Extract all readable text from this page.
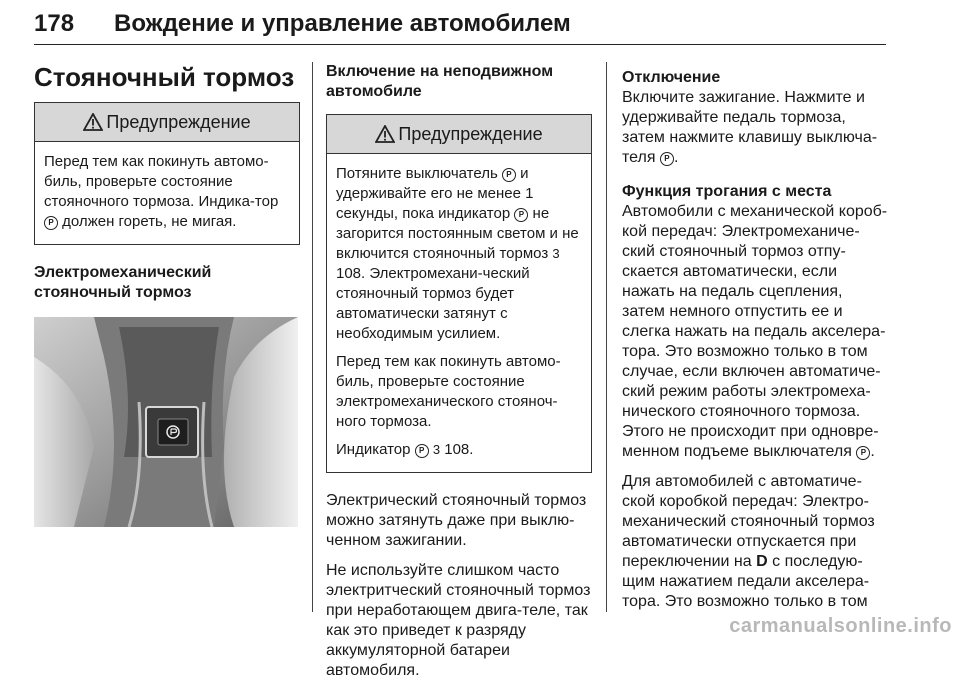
178 Вождение и управление автомобилем
Стояночный тормоз
Предупреждение

Перед тем как покинуть автомо-биль, проверьте состояние стояночного тормоза. Индика-тор P должен гореть, не мигая.

Электромеханический стояночный тормоз
Включение на неподвижном автомобиле
Предупреждение

Потяните выключатель P и удерживайте его не менее 1 секунды, пока индикатор P не загорится постоянным светом и не включится стояночный тормоз 3 108. Электромехани-ческий стояночный тормоз будет автоматически затянут с необходимым усилием.

Перед тем как покинуть автомо-биль, проверьте состояние электромеханического стояноч-ного тормоза.

Индикатор P 3 108.

Электрический стояночный тормоз можно затянуть даже при выклю-ченном зажигании.

Не используйте слишком часто электритческий стояночный тормоз при неработающем двига-теле, так как это приведет к разряду аккумуляторной батареи автомобиля.

Отключение

Включите зажигание. Нажмите и удерживайте педаль тормоза, затем нажмите клавишу выключа-теля P .

Функция трогания с места

Автомобили с механической короб-кой передач: Электромеханиче-ский стояночный тормоз отпу-скается автоматически, если нажать на педаль сцепления, затем немного отпустить ее и слегка нажать на педаль акселера-тора. Это возможно только в том случае, если включен автоматиче-ский режим работы электромеха-нического стояночного тормоза. Этого не происходит при одновре-менном подъеме выключателя P .

Для автомобилей с автоматиче-ской коробкой передач: Электро-механический стояночный тормоз автоматически отпускается при переключении на D с последую-щим нажатием педали акселера-тора. Это возможно только в том

carmanualsonline.info
